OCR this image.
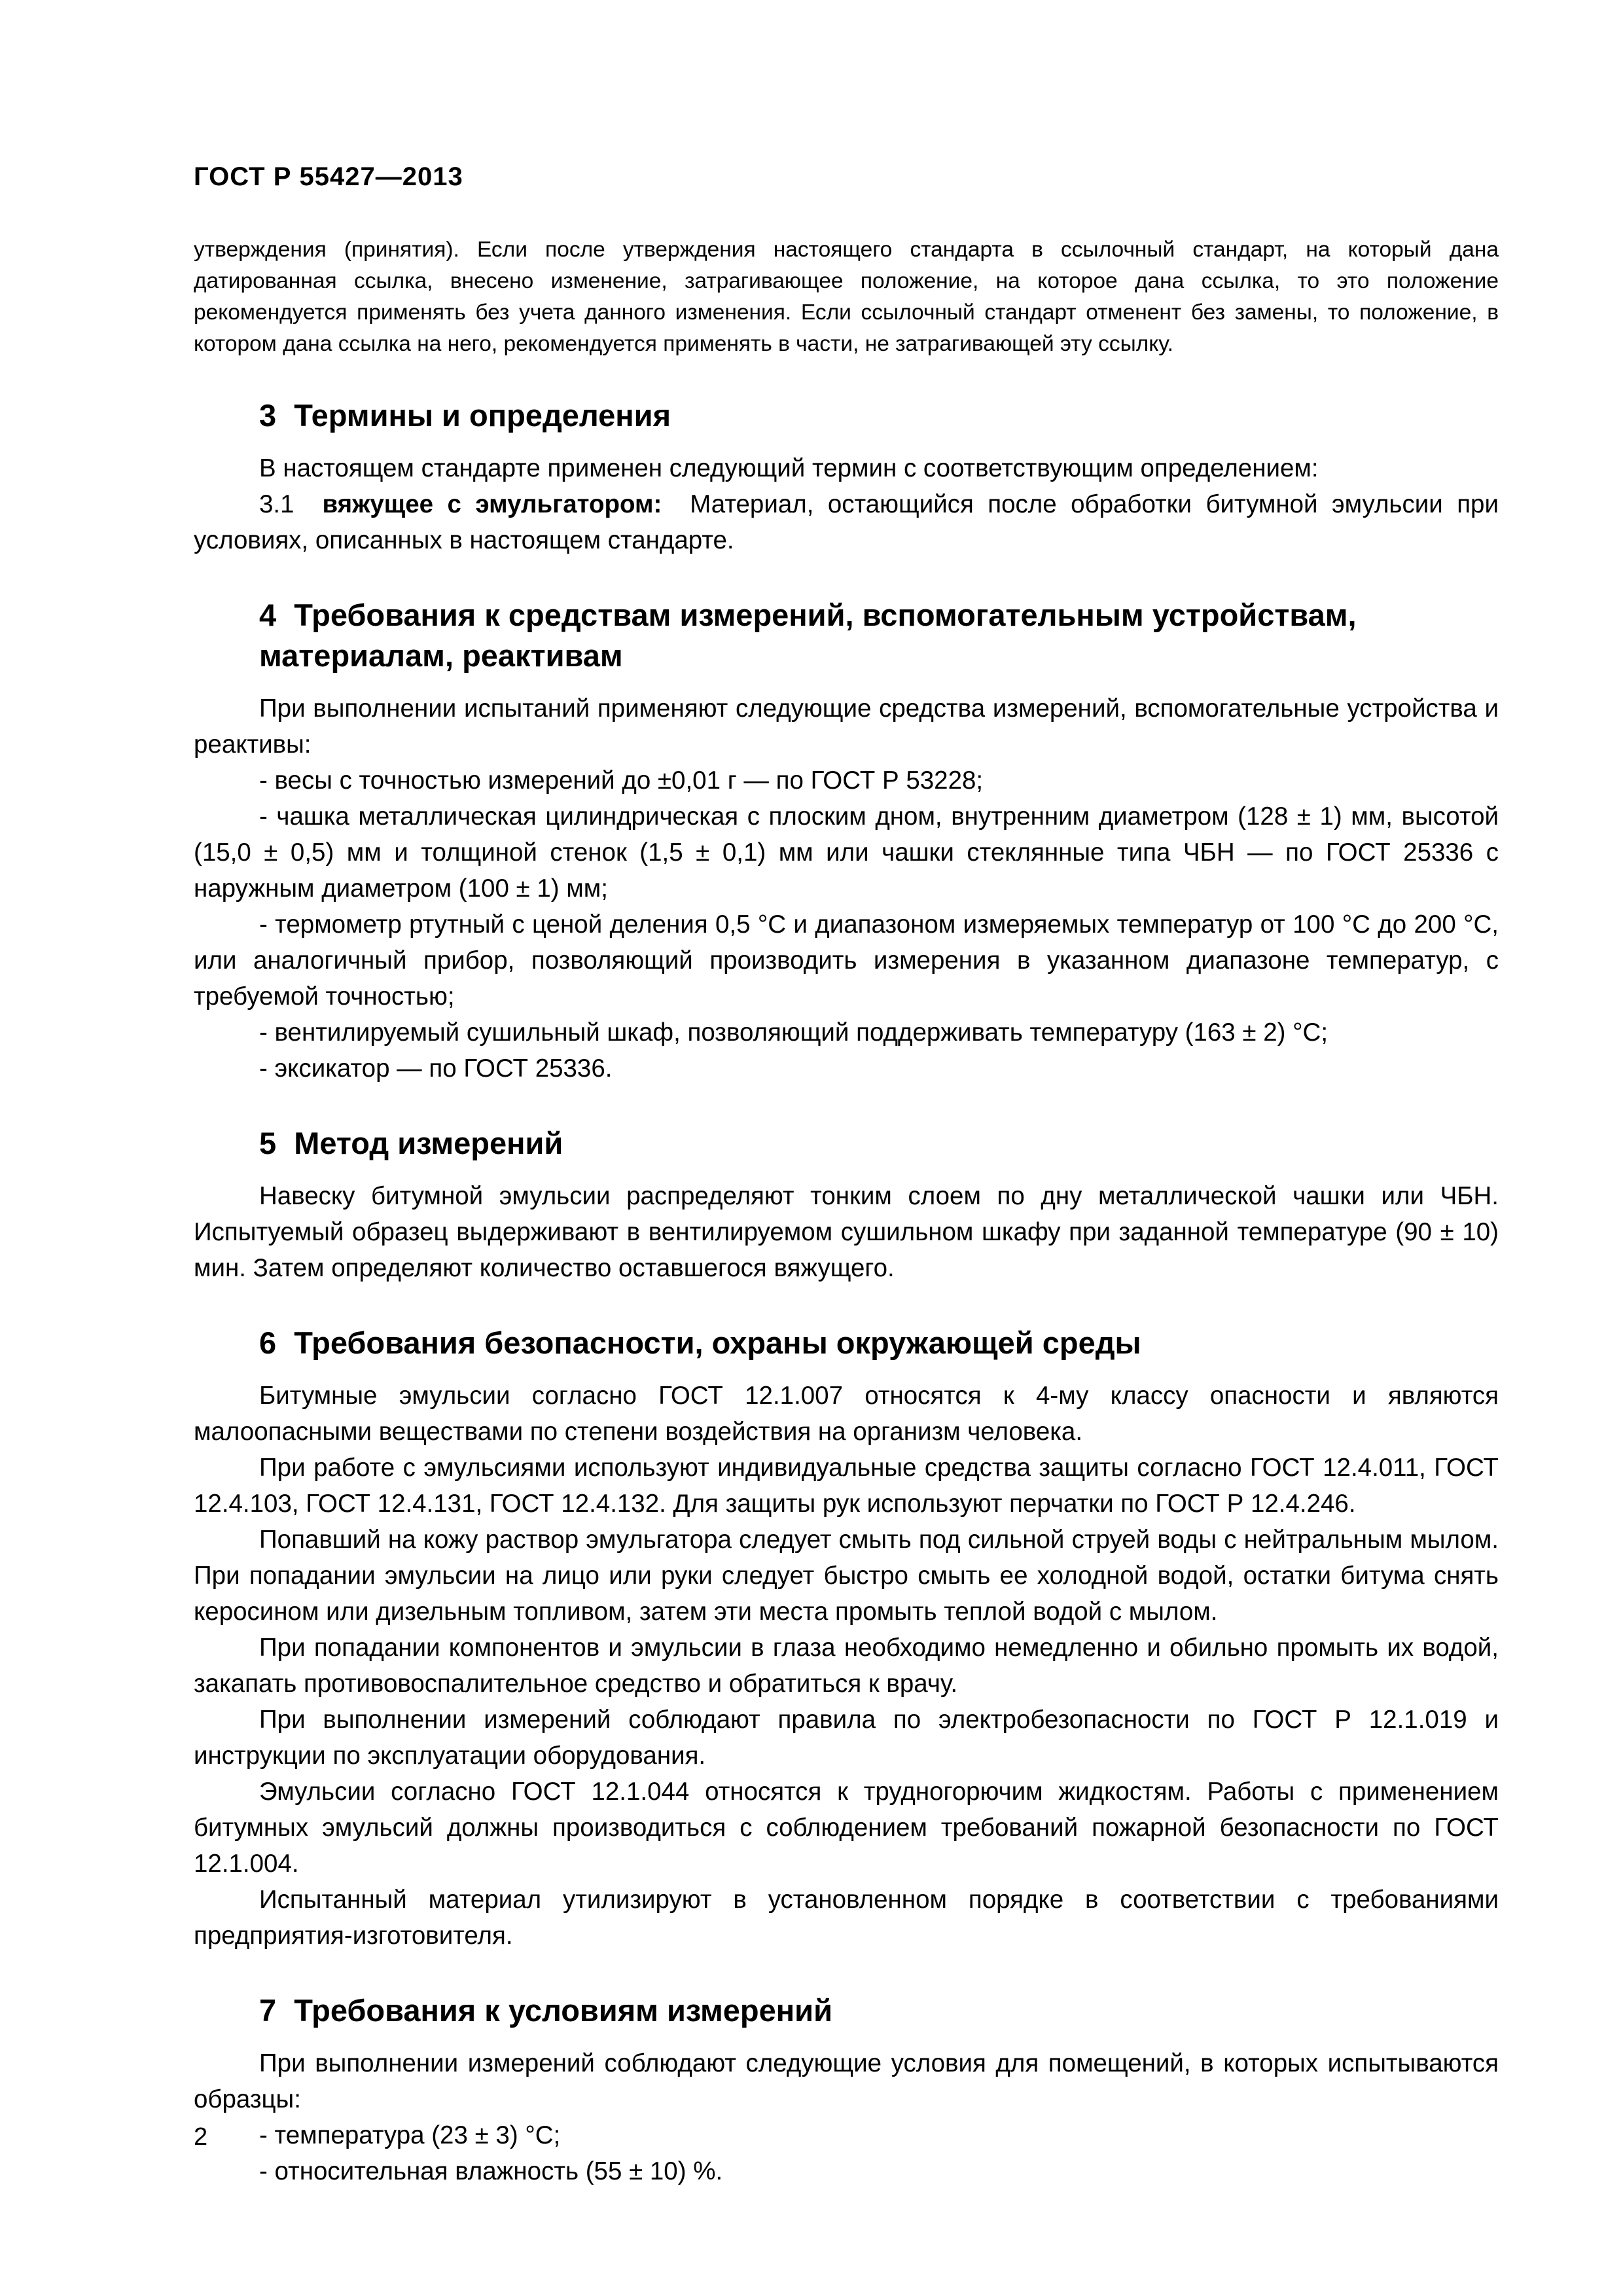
ГОСТ Р 55427—2013

утверждения (принятия). Если после утверждения настоящего стандарта в ссылочный стандарт, на который дана датированная ссылка, внесено изменение, затрагивающее положение, на которое дана ссылка, то это положение рекомендуется применять без учета данного изменения. Если ссылочный стандарт отменент без замены, то положение, в котором дана ссылка на него, рекомендуется применять в части, не затрагивающей эту ссылку.

3 Термины и определения

В настоящем стандарте применен следующий термин с соответствующим определением:

3.1 вяжущее с эмульгатором: Материал, остающийся после обработки битумной эмульсии при условиях, описанных в настоящем стандарте.

4 Требования к средствам измерений, вспомогательным устройствам, материалам, реактивам

При выполнении испытаний применяют следующие средства измерений, вспомогательные устройства и реактивы:

- весы с точностью измерений до ±0,01 г — по ГОСТ Р 53228;

- чашка металлическая цилиндрическая с плоским дном, внутренним диаметром (128 ± 1) мм, высотой (15,0 ± 0,5) мм и толщиной стенок (1,5 ± 0,1) мм или чашки стеклянные типа ЧБН — по ГОСТ 25336 с наружным диаметром (100 ± 1) мм;

- термометр ртутный с ценой деления 0,5 °С и диапазоном измеряемых температур от 100 °С до 200 °С, или аналогичный прибор, позволяющий производить измерения в указанном диапазоне температур, с требуемой точностью;

- вентилируемый сушильный шкаф, позволяющий поддерживать температуру (163 ± 2) °С;

- эксикатор — по ГОСТ 25336.

5 Метод измерений

Навеску битумной эмульсии распределяют тонким слоем по дну металлической чашки или ЧБН. Испытуемый образец выдерживают в вентилируемом сушильном шкафу при заданной температуре (90 ± 10) мин. Затем определяют количество оставшегося вяжущего.

6 Требования безопасности, охраны окружающей среды

Битумные эмульсии согласно ГОСТ 12.1.007 относятся к 4-му классу опасности и являются малоопасными веществами по степени воздействия на организм человека.

При работе с эмульсиями используют индивидуальные средства защиты согласно ГОСТ 12.4.011, ГОСТ 12.4.103, ГОСТ 12.4.131, ГОСТ 12.4.132. Для защиты рук используют перчатки по ГОСТ Р 12.4.246.

Попавший на кожу раствор эмульгатора следует смыть под сильной струей воды с нейтральным мылом. При попадании эмульсии на лицо или руки следует быстро смыть ее холодной водой, остатки битума снять керосином или дизельным топливом, затем эти места промыть теплой водой с мылом.

При попадании компонентов и эмульсии в глаза необходимо немедленно и обильно промыть их водой, закапать противовоспалительное средство и обратиться к врачу.

При выполнении измерений соблюдают правила по электробезопасности по ГОСТ Р 12.1.019 и инструкции по эксплуатации оборудования.

Эмульсии согласно ГОСТ 12.1.044 относятся к трудногорючим жидкостям. Работы с применением битумных эмульсий должны производиться с соблюдением требований пожарной безопасности по ГОСТ 12.1.004.

Испытанный материал утилизируют в установленном порядке в соответствии с требованиями предприятия-изготовителя.

7 Требования к условиям измерений

При выполнении измерений соблюдают следующие условия для помещений, в которых испытываются образцы:

- температура (23 ± 3) °С;

- относительная влажность (55 ± 10) %.

2
